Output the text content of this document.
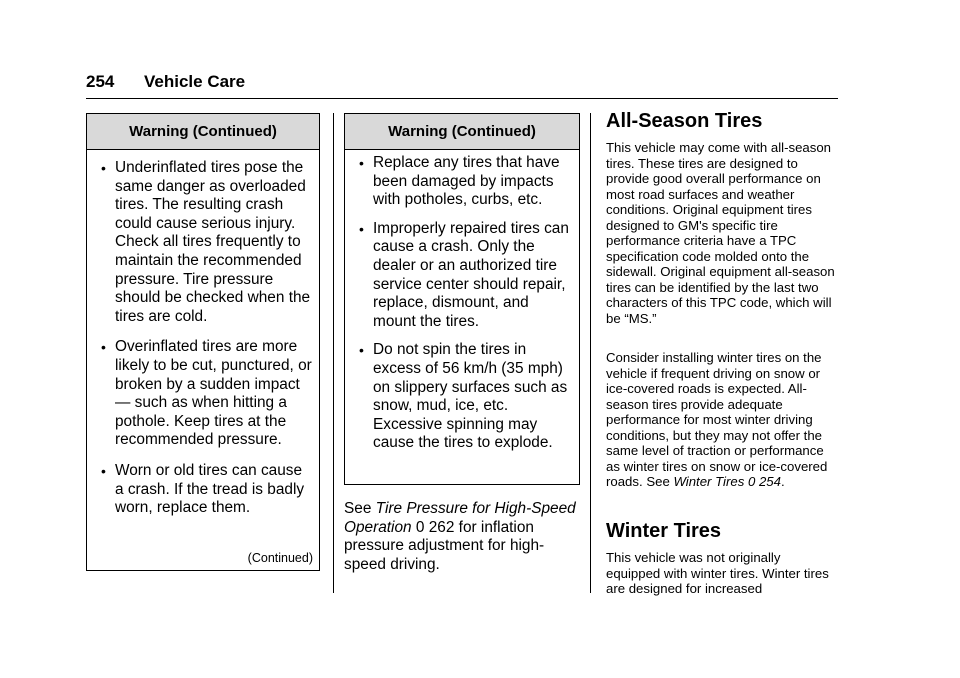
254 Vehicle Care
Warning (Continued)
• Underinflated tires pose the same danger as overloaded tires. The resulting crash could cause serious injury. Check all tires frequently to maintain the recommended pressure. Tire pressure should be checked when the tires are cold.
• Overinflated tires are more likely to be cut, punctured, or broken by a sudden impact — such as when hitting a pothole. Keep tires at the recommended pressure.
• Worn or old tires can cause a crash. If the tread is badly worn, replace them.
(Continued)
Warning (Continued)
• Replace any tires that have been damaged by impacts with potholes, curbs, etc.
• Improperly repaired tires can cause a crash. Only the dealer or an authorized tire service center should repair, replace, dismount, and mount the tires.
• Do not spin the tires in excess of 56 km/h (35 mph) on slippery surfaces such as snow, mud, ice, etc. Excessive spinning may cause the tires to explode.
See Tire Pressure for High-Speed Operation 0 262 for inflation pressure adjustment for high-speed driving.
All-Season Tires

This vehicle may come with all-season tires. These tires are designed to provide good overall performance on most road surfaces and weather conditions. Original equipment tires designed to GM's specific tire performance criteria have a TPC specification code molded onto the sidewall. Original equipment all-season tires can be identified by the last two characters of this TPC code, which will be “MS.”

Consider installing winter tires on the vehicle if frequent driving on snow or ice-covered roads is expected. All-season tires provide adequate performance for most winter driving conditions, but they may not offer the same level of traction or performance as winter tires on snow or ice-covered roads. See Winter Tires 0 254.

Winter Tires

This vehicle was not originally equipped with winter tires. Winter tires are designed for increased
